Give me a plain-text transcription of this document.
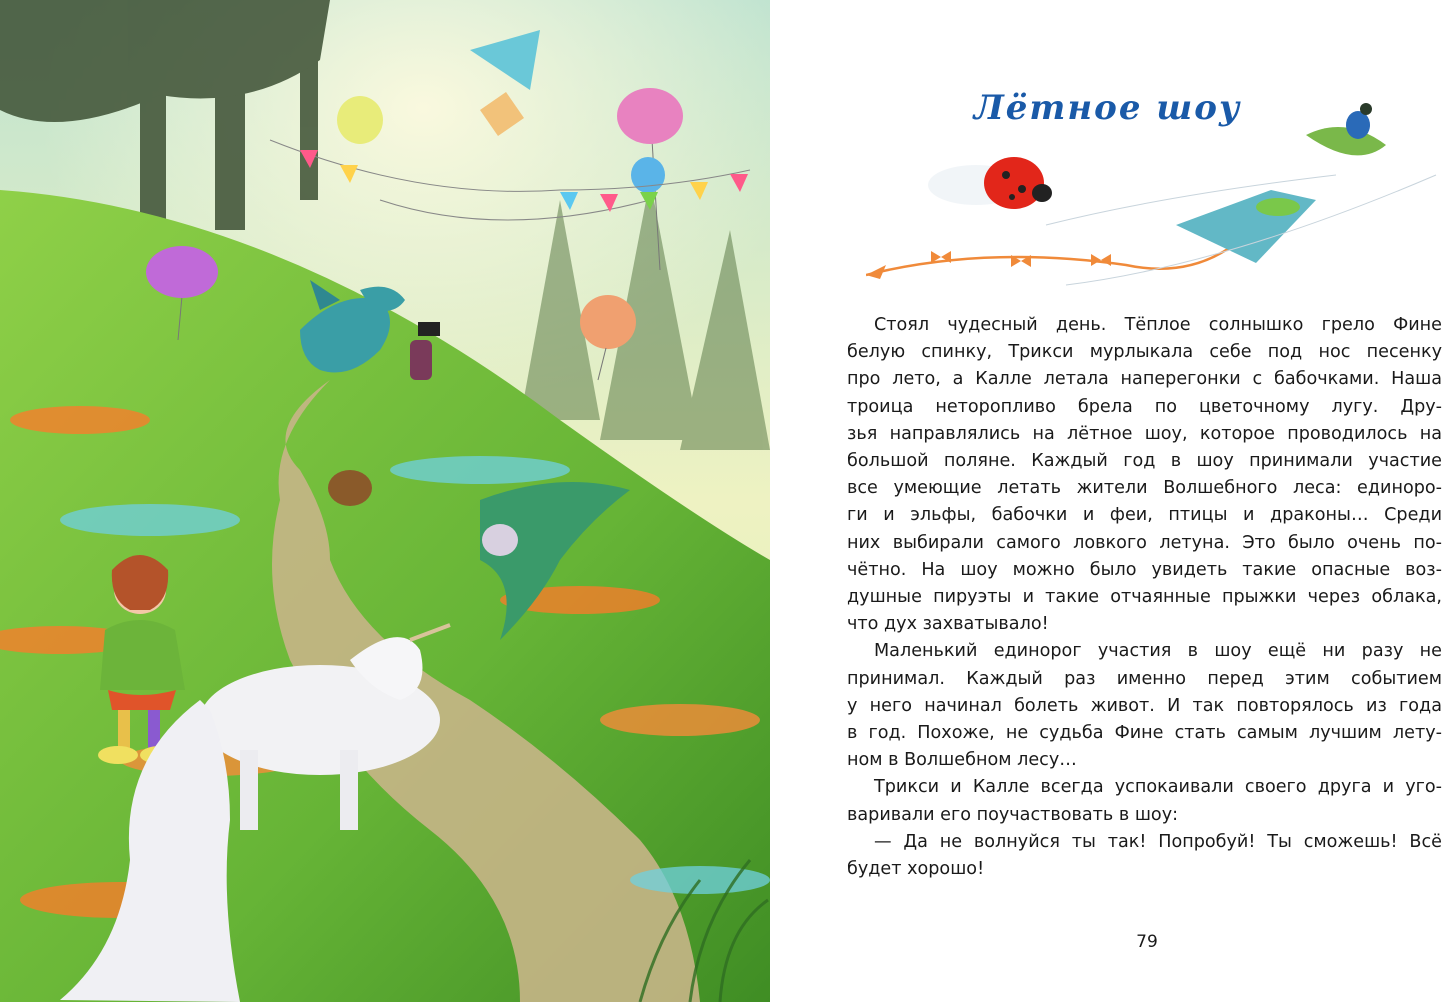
Лётное шоу
Стоял чудесный день. Тёплое солнышко грело Фине
белую спинку, Трикси мурлыкала себе под нос песенку
про лето, а Калле летала наперегонки с бабочками. Наша
троица неторопливо брела по цветочному лугу. Дру-
зья направлялись на лётное шоу, которое проводилось на
большой поляне. Каждый год в шоу принимали участие
все умеющие летать жители Волшебного леса: единоро-
ги и эльфы, бабочки и феи, птицы и драконы… Среди
них выбирали самого ловкого летуна. Это было очень по-
чётно. На шоу можно было увидеть такие опасные воз-
душные пируэты и такие отчаянные прыжки через облака,
что дух захватывало!
Маленький единорог участия в шоу ещё ни разу не
принимал. Каждый раз именно перед этим событием
у него начинал болеть живот. И так повторялось из года
в год. Похоже, не судьба Фине стать самым лучшим лету-
ном в Волшебном лесу…
Трикси и Калле всегда успокаивали своего друга и уго-
варивали его поучаствовать в шоу:
— Да не волнуйся ты так! Попробуй! Ты сможешь! Всё
будет хорошо!
79
